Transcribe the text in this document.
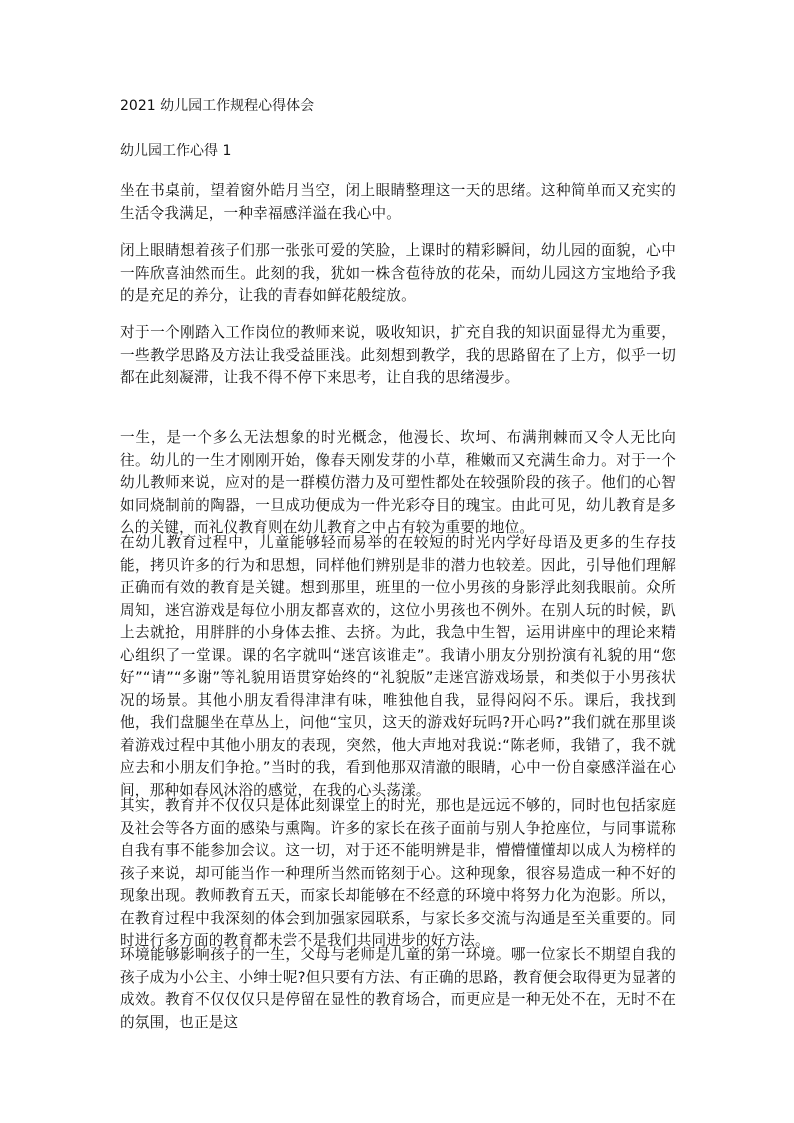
2021 幼儿园工作规程心得体会
幼儿园工作心得 1

坐在书桌前，望着窗外皓月当空，闭上眼睛整理这一天的思绪。这种简单而又充实的生活令我满足，一种幸福感洋溢在我心中。

闭上眼睛想着孩子们那一张张可爱的笑脸，上课时的精彩瞬间，幼儿园的面貌，心中一阵欣喜油然而生。此刻的我，犹如一株含苞待放的花朵，而幼儿园这方宝地给予我的是充足的养分，让我的青春如鲜花般绽放。

对于一个刚踏入工作岗位的教师来说，吸收知识，扩充自我的知识面显得尤为重要，一些教学思路及方法让我受益匪浅。此刻想到教学，我的思路留在了上方，似乎一切都在此刻凝滞，让我不得不停下来思考，让自我的思绪漫步。

一生，是一个多么无法想象的时光概念，他漫长、坎坷、布满荆棘而又令人无比向往。幼儿的一生才刚刚开始，像春天刚发芽的小草，稚嫩而又充满生命力。对于一个幼儿教师来说，应对的是一群模仿潜力及可塑性都处在较强阶段的孩子。他们的心智如同烧制前的陶器，一旦成功便成为一件光彩夺目的瑰宝。由此可见，幼儿教育是多么的关键，而礼仪教育则在幼儿教育之中占有较为重要的地位。

在幼儿教育过程中，儿童能够轻而易举的在较短的时光内学好母语及更多的生存技能，拷贝许多的行为和思想，同样他们辨别是非的潜力也较差。因此，引导他们理解正确而有效的教育是关键。想到那里，班里的一位小男孩的身影浮此刻我眼前。众所周知，迷宫游戏是每位小朋友都喜欢的，这位小男孩也不例外。在别人玩的时候，趴上去就抢，用胖胖的小身体去推、去挤。为此，我急中生智，运用讲座中的理论来精心组织了一堂课。课的名字就叫“迷宫该谁走”。我请小朋友分别扮演有礼貌的用“您好”“请”“多谢”等礼貌用语贯穿始终的“礼貌版”走迷宫游戏场景，和类似于小男孩状况的场景。其他小朋友看得津津有味，唯独他自我，显得闷闷不乐。课后，我找到他，我们盘腿坐在草丛上，问他“宝贝，这天的游戏好玩吗?开心吗?”我们就在那里谈着游戏过程中其他小朋友的表现，突然，他大声地对我说:“陈老师，我错了，我不就应去和小朋友们争抢。”当时的我，看到他那双清澈的眼睛，心中一份自豪感洋溢在心间，那种如春风沐浴的感觉，在我的心头荡漾。

其实，教育并不仅仅只是体此刻课堂上的时光，那也是远远不够的，同时也包括家庭及社会等各方面的感染与熏陶。许多的家长在孩子面前与别人争抢座位，与同事谎称自我有事不能参加会议。这一切，对于还不能明辨是非，懵懵懂懂却以成人为榜样的孩子来说，却可能当作一种理所当然而铭刻于心。这种现象，很容易造成一种不好的现象出现。教师教育五天，而家长却能够在不经意的环境中将努力化为泡影。所以，在教育过程中我深刻的体会到加强家园联系，与家长多交流与沟通是至关重要的。同时进行多方面的教育都未尝不是我们共同进步的好方法。

环境能够影响孩子的一生，父母与老师是儿童的第一环境。哪一位家长不期望自我的孩子成为小公主、小绅士呢?但只要有方法、有正确的思路，教育便会取得更为显著的成效。教育不仅仅仅只是停留在显性的教育场合，而更应是一种无处不在，无时不在的氛围，也正是这
